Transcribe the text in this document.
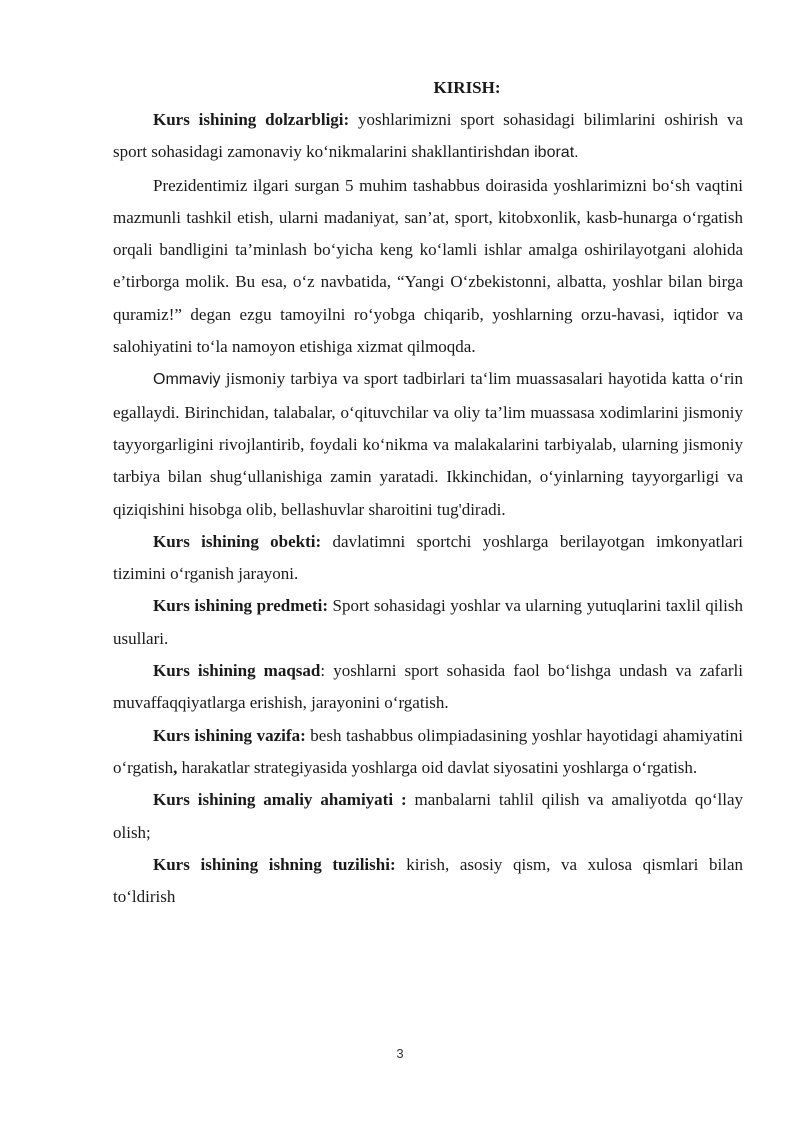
KIRISH:

Kurs ishining dolzarbligi: yoshlarimizni sport sohasidagi bilimlarini oshirish va sport sohasidagi zamonaviy ko‘nikmalarini shakllantirishdan iborat.

Prezidentimiz ilgari surgan 5 muhim tashabbus doirasida yoshlarimizni bo‘sh vaqtini mazmunli tashkil etish, ularni madaniyat, san’at, sport, kitobxonlik, kasb-hunarga o‘rgatish orqali bandligini ta’minlash bo‘yicha keng ko‘lamli ishlar amalga oshirilayotgani alohida e’tirborga molik. Bu esa, o‘z navbatida, “Yangi O‘zbekistonni, albatta, yoshlar bilan birga quramiz!” degan ezgu tamoyilni ro‘yobga chiqarib, yoshlarning orzu-havasi, iqtidor va salohiyatini to‘la namoyon etishiga xizmat qilmoqda.

Ommaviy jismoniy tarbiya va sport tadbirlari ta‘lim muassasalari hayotida katta o‘rin egallaydi. Birinchidan, talabalar, o‘qituvchilar va oliy ta’lim muassasa xodimlarini jismoniy tayyorgarligini rivojlantirib, foydali ko‘nikma va malakalarini tarbiyalab, ularning jismoniy tarbiya bilan shug‘ullanishiga zamin yaratadi. Ikkinchidan, o‘yinlarning tayyorgarligi va qiziqishini hisobga olib, bellashuvlar sharoitini tug'diradi.

Kurs ishining obekti: davlatimni sportchi yoshlarga berilayotgan imkonyatlari tizimini o‘rganish jarayoni.

Kurs ishining predmeti: Sport sohasidagi yoshlar va ularning yutuqlarini taxlil qilish usullari.

Kurs ishining maqsad: yoshlarni sport sohasida faol bo‘lishga undash va zafarli muvaffaqqiyatlarga erishish, jarayonini o‘rgatish.

Kurs ishining vazifa: besh tashabbus olimpiadasining yoshlar hayotidagi ahamiyatini o‘rgatish, harakatlar strategiyasida yoshlarga oid davlat siyosatini yoshlarga o‘rgatish.

Kurs ishining amaliy ahamiyati : manbalarni tahlil qilish va amaliyotda qo‘llay olish;

Kurs ishining ishning tuzilishi: kirish, asosiy qism, va xulosa qismlari bilan to‘ldirish

3
